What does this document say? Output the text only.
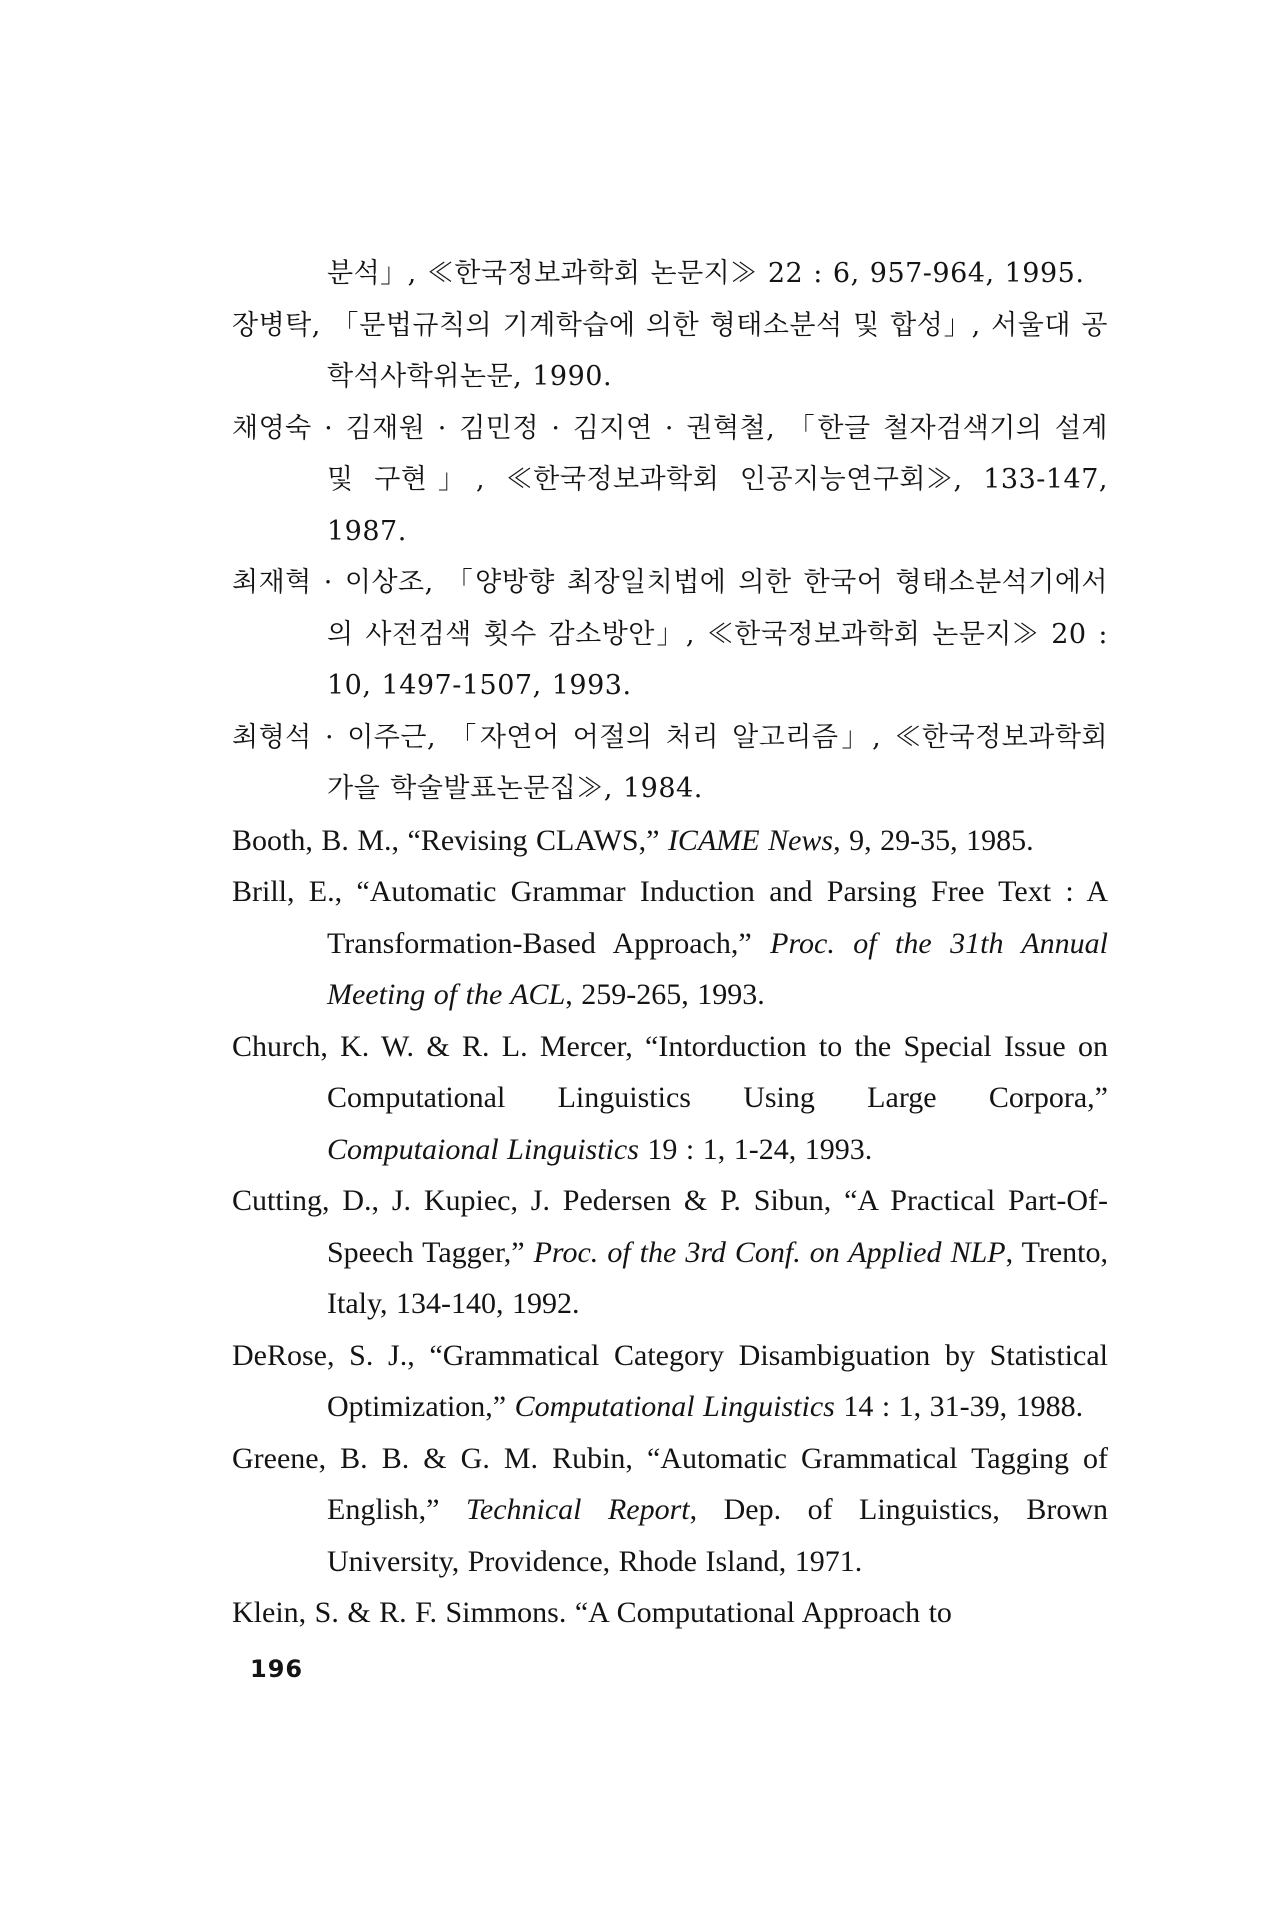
분석」, ≪한국정보과학회 논문지≫ 22 : 6, 957-964, 1995.
장병탁, 「문법규칙의 기계학습에 의한 형태소분석 및 합성」, 서울대 공학석사학위논문, 1990.
채영숙 · 김재원 · 김민정 · 김지연 · 권혁철, 「한글 철자검색기의 설계 및 구현」, ≪한국정보과학회 인공지능연구회≫, 133-147, 1987.
최재혁 · 이상조, 「양방향 최장일치법에 의한 한국어 형태소분석기에서의 사전검색 횟수 감소방안」, ≪한국정보과학회 논문지≫ 20 : 10, 1497-1507, 1993.
최형석 · 이주근, 「자연어 어절의 처리 알고리즘」, ≪한국정보과학회 가을 학술발표논문집≫, 1984.
Booth, B. M., “Revising CLAWS,” ICAME News, 9, 29-35, 1985.
Brill, E., “Automatic Grammar Induction and Parsing Free Text : A Transformation-Based Approach,” Proc. of the 31th Annual Meeting of the ACL, 259-265, 1993.
Church, K. W. & R. L. Mercer, “Intorduction to the Special Issue on Computational Linguistics Using Large Corpora,” Computaional Linguistics 19 : 1, 1-24, 1993.
Cutting, D., J. Kupiec, J. Pedersen & P. Sibun, “A Practical Part-Of-Speech Tagger,” Proc. of the 3rd Conf. on Applied NLP, Trento, Italy, 134-140, 1992.
DeRose, S. J., “Grammatical Category Disambiguation by Statistical Optimization,” Computational Linguistics 14 : 1, 31-39, 1988.
Greene, B. B. & G. M. Rubin, “Automatic Grammatical Tagging of English,” Technical Report, Dep. of Linguistics, Brown University, Providence, Rhode Island, 1971.
Klein, S. & R. F. Simmons. “A Computational Approach to
196
